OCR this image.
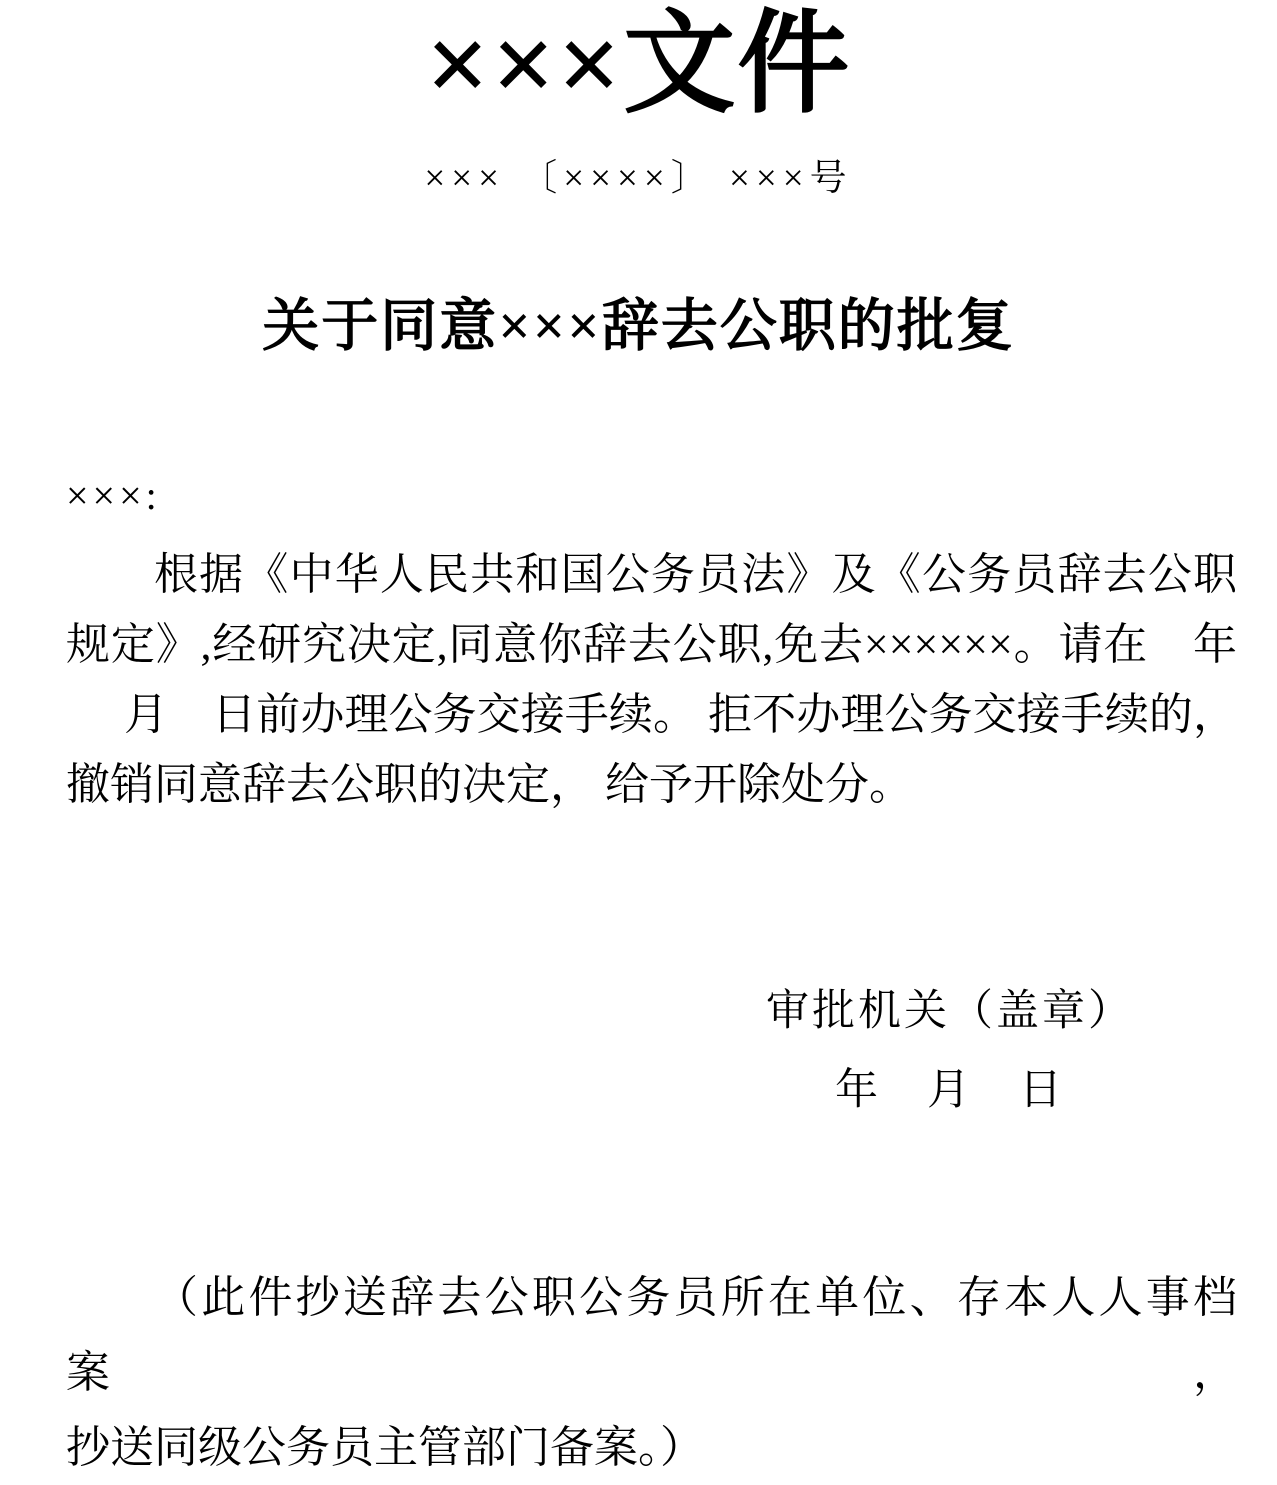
×××文件
××× 〔××××〕 ×××号
关于同意×××辞去公职的批复
×××:
根据《中华人民共和国公务员法》及《公务员辞去公职
规定》,经研究决定,同意你辞去公职,免去××××××。请在　年
月　日前办理公务交接手续。 拒不办理公务交接手续的，
撤销同意辞去公职的决定， 给予开除处分。
审批机关（盖章）
年　月　日
（此件抄送辞去公职公务员所在单位、存本人人事档案，
抄送同级公务员主管部门备案。）
